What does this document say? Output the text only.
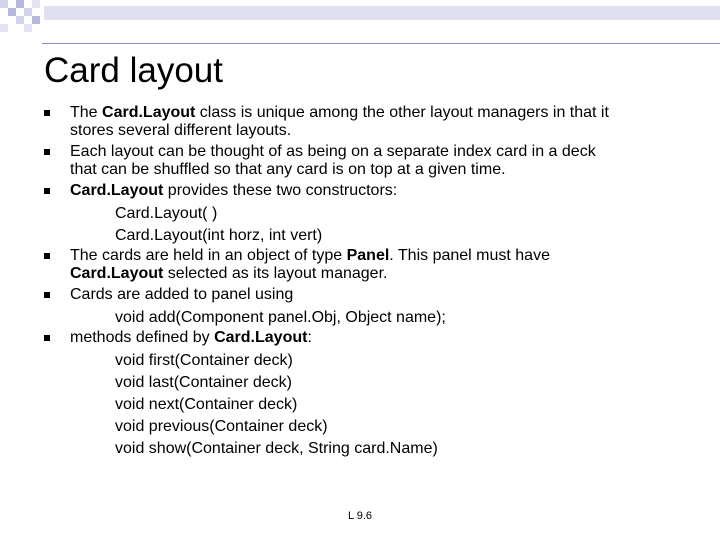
Card layout
The Card.Layout class is unique among the other layout managers in that it
stores several different layouts.
Each layout can be thought of as being on a separate index card in a deck
that can be shuffled so that any card is on top at a given time.
Card.Layout provides these two constructors:
Card.Layout( )
Card.Layout(int horz, int vert)
The cards are held in an object of type Panel. This panel must have
Card.Layout selected as its layout manager.
Cards are added to panel using
void add(Component panel.Obj, Object name);
methods defined by Card.Layout:
void first(Container deck)
void last(Container deck)
void next(Container deck)
void previous(Container deck)
void show(Container deck, String card.Name)
L 9.6
